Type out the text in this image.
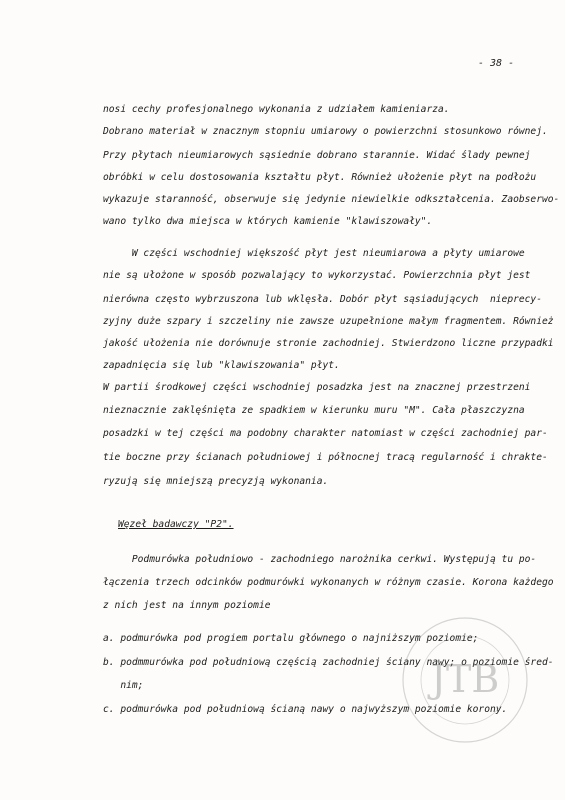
- 38 -
nosi cechy profesjonalnego wykonania z udziałem kamieniarza.
Dobrano materiał w znacznym stopniu umiarowy o powierzchni stosunkowo równej.
Przy płytach nieumiarowych sąsiednie dobrano starannie. Widać ślady pewnej
obróbki w celu dostosowania kształtu płyt. Również ułożenie płyt na podłożu
wykazuje staranność, obserwuje się jedynie niewielkie odkształcenia. Zaobserwo-
wano tylko dwa miejsca w których kamienie "klawiszowały".
W części wschodniej większość płyt jest nieumiarowa a płyty umiarowe
nie są ułożone w sposób pozwalający to wykorzystać. Powierzchnia płyt jest
nierówna często wybrzuszona lub wklęsła. Dobór płyt sąsiadujących  nieprecy-
zyjny duże szpary i szczeliny nie zawsze uzupełnione małym fragmentem. Również
jakość ułożenia nie dorównuje stronie zachodniej. Stwierdzono liczne przypadki
zapadnięcia się lub "klawiszowania" płyt.
W partii środkowej części wschodniej posadzka jest na znacznej przestrzeni
nieznacznie zaklęśnięta ze spadkiem w kierunku muru "M". Cała płaszczyzna
posadzki w tej części ma podobny charakter natomiast w części zachodniej par-
tie boczne przy ścianach południowej i północnej tracą regularność i chrakte-
ryzują się mniejszą precyzją wykonania.
Węzeł badawczy "P2".
Podmurówka południowo - zachodniego narożnika cerkwi. Występują tu po-
łączenia trzech odcinków podmurówki wykonanych w różnym czasie. Korona każdego
z nich jest na innym poziomie
a. podmurówka pod progiem portalu głównego o najniższym poziomie;
b. podmmurówka pod południową częścią zachodniej ściany nawy; o poziomie śred-
nim;
c. podmurówka pod południową ścianą nawy o najwyższym poziomie korony.
JTB
